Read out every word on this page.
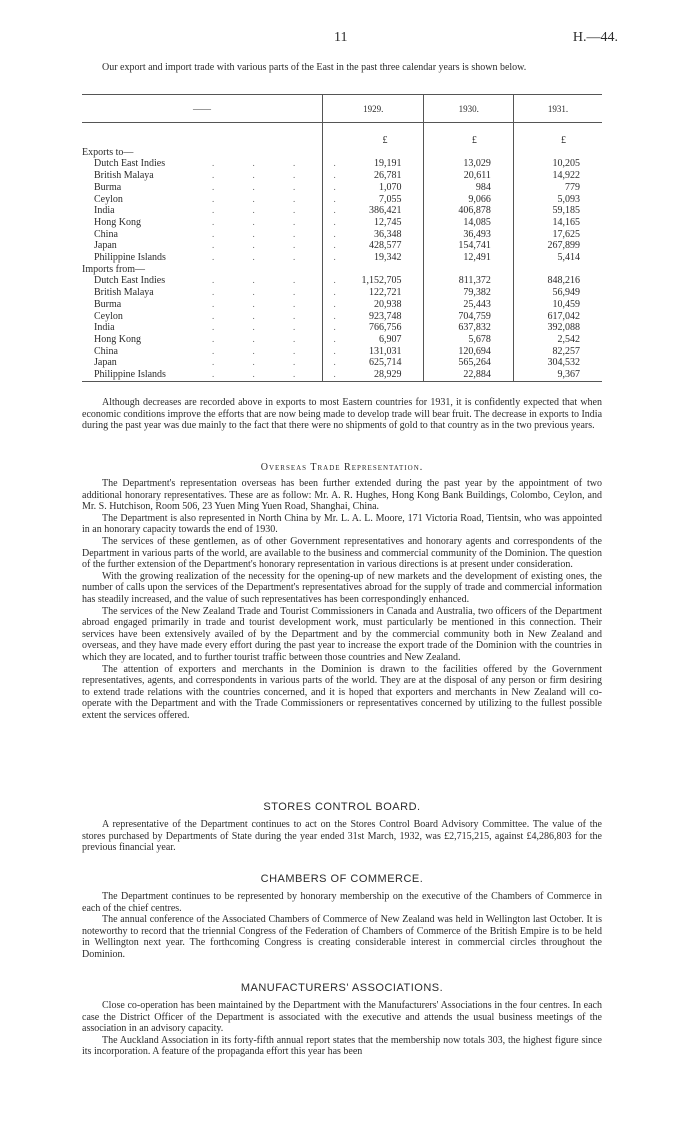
11	H.—44.

Our export and import trade with various parts of the East in the past three calendar years is shown below.

——	1929.	1930.	1931.

	£	£	£
Exports to—			
Dutch East Indies . . . .	19,191	13,029	10,205
British Malaya . . . .	26,781	20,611	14,922
Burma . . . .	1,070	984	779
Ceylon . . . .	7,055	9,066	5,093
India . . . .	386,421	406,878	59,185
Hong Kong . . . .	12,745	14,085	14,165
China . . . .	36,348	36,493	17,625
Japan . . . .	428,577	154,741	267,899
Philippine Islands . . . .	19,342	12,491	5,414
Imports from—			
Dutch East Indies . . . .	1,152,705	811,372	848,216
British Malaya . . . .	122,721	79,382	56,949
Burma . . . .	20,938	25,443	10,459
Ceylon . . . .	923,748	704,759	617,042
India . . . .	766,756	637,832	392,088
Hong Kong . . . .	6,907	5,678	2,542
China . . . .	131,031	120,694	82,257
Japan . . . .	625,714	565,264	304,532
Philippine Islands . . . .	28,929	22,884	9,367

Although decreases are recorded above in exports to most Eastern countries for 1931, it is confidently expected that when economic conditions improve the efforts that are now being made to develop trade will bear fruit. The decrease in exports to India during the past year was due mainly to the fact that there were no shipments of gold to that country as in the two previous years.

Overseas Trade Representation.

The Department's representation overseas has been further extended during the past year by the appointment of two additional honorary representatives. These are as follow: Mr. A. R. Hughes, Hong Kong Bank Buildings, Colombo, Ceylon, and Mr. S. Hutchison, Room 506, 23 Yuen Ming Yuen Road, Shanghai, China.

The Department is also represented in North China by Mr. L. A. L. Moore, 171 Victoria Road, Tientsin, who was appointed in an honorary capacity towards the end of 1930.

The services of these gentlemen, as of other Government representatives and honorary agents and correspondents of the Department in various parts of the world, are available to the business and commercial community of the Dominion. The question of the further extension of the Department's honorary representation in various directions is at present under consideration.

With the growing realization of the necessity for the opening-up of new markets and the development of existing ones, the number of calls upon the services of the Department's representatives abroad for the supply of trade and commercial information has steadily increased, and the value of such representatives has been correspondingly enhanced.

The services of the New Zealand Trade and Tourist Commissioners in Canada and Australia, two officers of the Department abroad engaged primarily in trade and tourist development work, must particularly be mentioned in this connection. Their services have been extensively availed of by the Department and by the commercial community both in New Zealand and overseas, and they have made every effort during the past year to increase the export trade of the Dominion with the countries in which they are located, and to further tourist traffic between those countries and New Zealand.

The attention of exporters and merchants in the Dominion is drawn to the facilities offered by the Government representatives, agents, and correspondents in various parts of the world. They are at the disposal of any person or firm desiring to extend trade relations with the countries concerned, and it is hoped that exporters and merchants in New Zealand will co-operate with the Department and with the Trade Commissioners or representatives concerned by utilizing to the fullest possible extent the services offered.

STORES CONTROL BOARD.

A representative of the Department continues to act on the Stores Control Board Advisory Committee. The value of the stores purchased by Departments of State during the year ended 31st March, 1932, was £2,715,215, against £4,286,803 for the previous financial year.

CHAMBERS OF COMMERCE.

The Department continues to be represented by honorary membership on the executive of the Chambers of Commerce in each of the chief centres.

The annual conference of the Associated Chambers of Commerce of New Zealand was held in Wellington last October. It is noteworthy to record that the triennial Congress of the Federation of Chambers of Commerce of the British Empire is to be held in Wellington next year. The forthcoming Congress is creating considerable interest in commercial circles throughout the Dominion.

MANUFACTURERS' ASSOCIATIONS.

Close co-operation has been maintained by the Department with the Manufacturers' Associations in the four centres. In each case the District Officer of the Department is associated with the executive and attends the usual business meetings of the association in an advisory capacity.

The Auckland Association in its forty-fifth annual report states that the membership now totals 303, the highest figure since its incorporation. A feature of the propaganda effort this year has been
